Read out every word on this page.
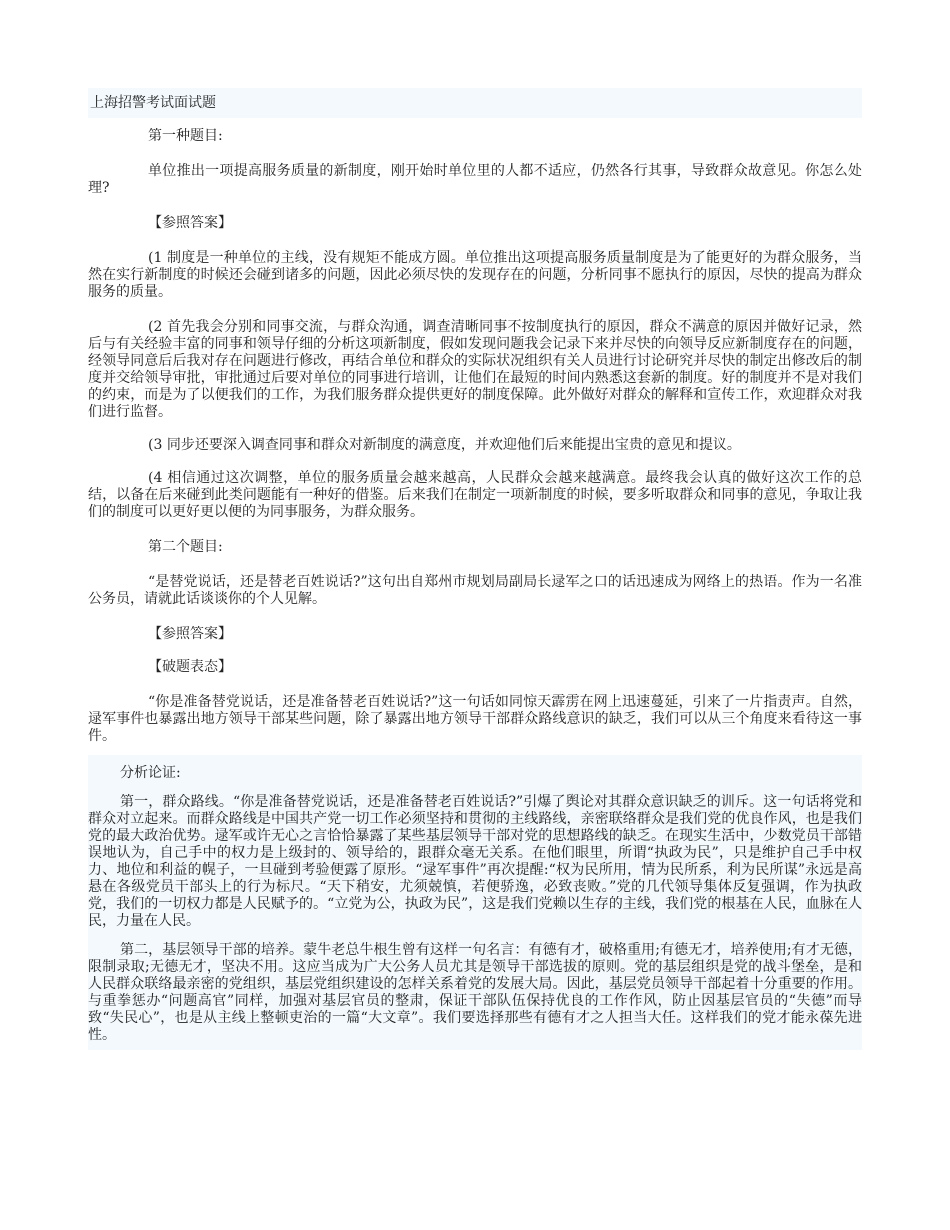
上海招警考试面试题

第一种题目:

单位推出一项提高服务质量的新制度，刚开始时单位里的人都不适应，仍然各行其事，导致群众故意见。你怎么处理?

【参照答案】

(1 制度是一种单位的主线，没有规矩不能成方圆。单位推出这项提高服务质量制度是为了能更好的为群众服务，当然在实行新制度的时候还会碰到诸多的问题，因此必须尽快的发现存在的问题，分析同事不愿执行的原因，尽快的提高为群众服务的质量。

(2 首先我会分别和同事交流，与群众沟通，调查清晰同事不按制度执行的原因，群众不满意的原因并做好记录，然后与有关经验丰富的同事和领导仔细的分析这项新制度，假如发现问题我会记录下来并尽快的向领导反应新制度存在的问题，经领导同意后后我对存在问题进行修改，再结合单位和群众的实际状况组织有关人员进行讨论研究并尽快的制定出修改后的制度并交给领导审批，审批通过后要对单位的同事进行培训，让他们在最短的时间内熟悉这套新的制度。好的制度并不是对我们的约束，而是为了以便我们的工作，为我们服务群众提供更好的制度保障。此外做好对群众的解释和宣传工作，欢迎群众对我们进行监督。

(3 同步还要深入调查同事和群众对新制度的满意度，并欢迎他们后来能提出宝贵的意见和提议。

(4 相信通过这次调整，单位的服务质量会越来越高，人民群众会越来越满意。最终我会认真的做好这次工作的总结，以备在后来碰到此类问题能有一种好的借鉴。后来我们在制定一项新制度的时候，要多听取群众和同事的意见，争取让我们的制度可以更好更以便的为同事服务，为群众服务。

第二个题目:

“是替党说话，还是替老百姓说话?”这句出自郑州市规划局副局长逯军之口的话迅速成为网络上的热语。作为一名准公务员，请就此话谈谈你的个人见解。

【参照答案】

【破题表态】

“你是准备替党说话，还是准备替老百姓说话?”这一句话如同惊天霹雳在网上迅速蔓延，引来了一片指责声。自然，逯军事件也暴露出地方领导干部某些问题，除了暴露出地方领导干部群众路线意识的缺乏，我们可以从三个角度来看待这一事件。

分析论证:

第一，群众路线。“你是准备替党说话，还是准备替老百姓说话?”引爆了舆论对其群众意识缺乏的训斥。这一句话将党和群众对立起来。而群众路线是中国共产党一切工作必须坚持和贯彻的主线路线，亲密联络群众是我们党的优良作风，也是我们党的最大政治优势。逯军或许无心之言恰恰暴露了某些基层领导干部对党的思想路线的缺乏。在现实生活中，少数党员干部错误地认为，自己手中的权力是上级封的、领导给的，跟群众毫无关系。在他们眼里，所谓“执政为民”，只是维护自己手中权力、地位和利益的幌子，一旦碰到考验便露了原形。“逯军事件”再次提醒:“权为民所用，情为民所系，利为民所谋”永远是高悬在各级党员干部头上的行为标尺。“天下稍安，尤须兢慎，若便骄逸，必致丧败。”党的几代领导集体反复强调，作为执政党，我们的一切权力都是人民赋予的。“立党为公，执政为民”，这是我们党赖以生存的主线，我们党的根基在人民，血脉在人民，力量在人民。

第二，基层领导干部的培养。蒙牛老总牛根生曾有这样一句名言：有德有才，破格重用;有德无才，培养使用;有才无德，限制录取;无德无才，坚决不用。这应当成为广大公务人员尤其是领导干部选拔的原则。党的基层组织是党的战斗堡垒，是和人民群众联络最亲密的党组织，基层党组织建设的怎样关系着党的发展大局。因此，基层党员领导干部起着十分重要的作用。与重拳惩办“问题高官”同样，加强对基层官员的整肃，保证干部队伍保持优良的工作作风，防止因基层官员的“失德”而导致“失民心”，也是从主线上整顿吏治的一篇“大文章”。我们要选择那些有德有才之人担当大任。这样我们的党才能永葆先进性。
